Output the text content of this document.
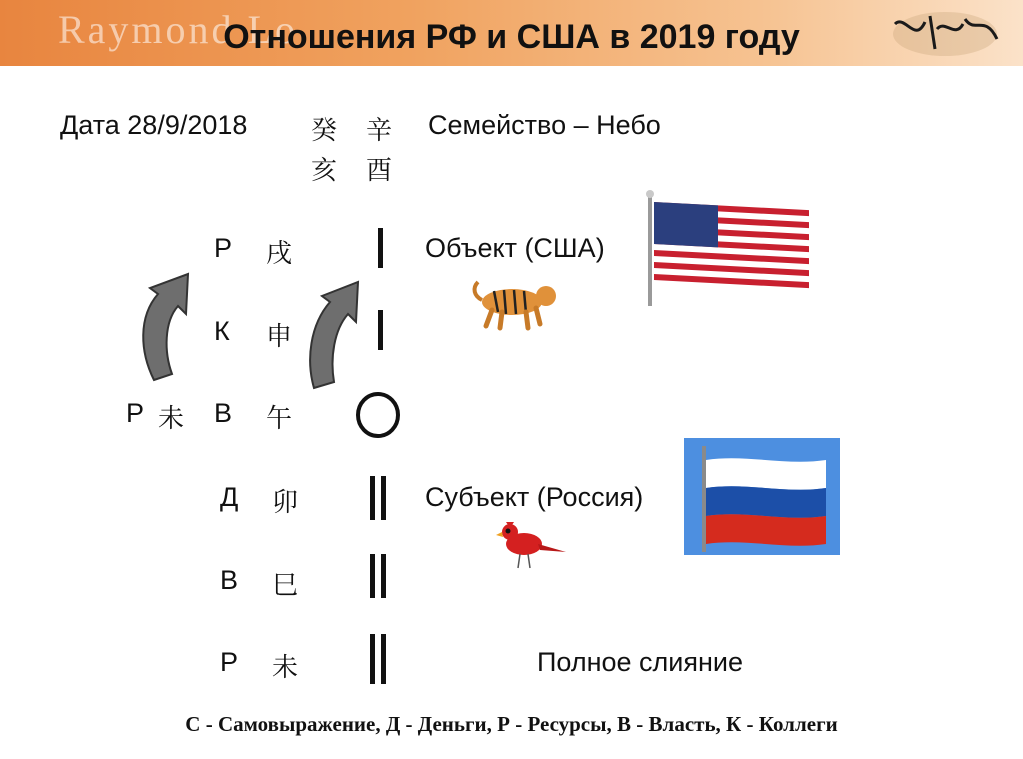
Raymond Lo
Отношения РФ и США в 2019 году
Дата 28/9/2018 癸 辛
亥 酉
Семейство – Небо
Р 戌	Объект (США)
К 申
Р 未 В 午
Д 卯	Субъект (Россия)
В 巳
Р 未	Полное слияние
С - Самовыражение, Д - Деньги, Р - Ресурсы, В - Власть, К - Коллеги
